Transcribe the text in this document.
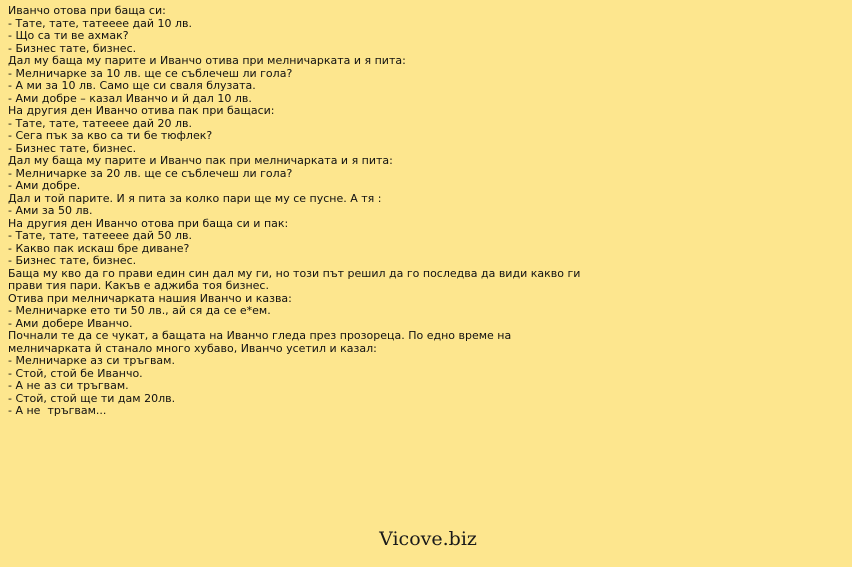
Иванчо отова при баща си:
- Тате, тате, татееее дай 10 лв.
- Що са ти ве ахмак?
- Бизнес тате, бизнес.
Дал му баща му парите и Иванчо отива при мелничарката и я пита:
- Мелничарке за 10 лв. ще се съблечеш ли гола?
- А ми за 10 лв. Само ще си сваля блузата.
- Ами добре – казал Иванчо и й дал 10 лв.
На другия ден Иванчо отива пак при бащаси:
- Тате, тате, татееее дай 20 лв.
- Сега пък за кво са ти бе тюфлек?
- Бизнес тате, бизнес.
Дал му баща му парите и Иванчо пак при мелничарката и я пита:
- Мелничарке за 20 лв. ще се съблечеш ли гола?
- Ами добре.
Дал и той парите. И я пита за колко пари ще му се пусне. А тя :
- Ами за 50 лв.
На другия ден Иванчо отова при баща си и пак:
- Тате, тате, татееее дай 50 лв.
- Какво пак искаш бре диване?
- Бизнес тате, бизнес.
Баща му кво да го прави един син дал му ги, но този път решил да го последва да види какво ги
прави тия пари. Какъв е аджиба тоя бизнес.
Отива при мелничарката нашия Иванчо и казва:
- Мелничарке ето ти 50 лв., ай ся да се е*ем.
- Ами добере Иванчо.
Почнали те да се чукат, а бащата на Иванчо гледа през прозореца. По едно време на
мелничарката й станало много хубаво, Иванчо усетил и казал:
- Мелничарке аз си тръгвам.
- Стой, стой бе Иванчо.
- А не аз си тръгвам.
- Стой, стой ще ти дам 20лв.
- А не  тръгвам...
Vicove.biz
